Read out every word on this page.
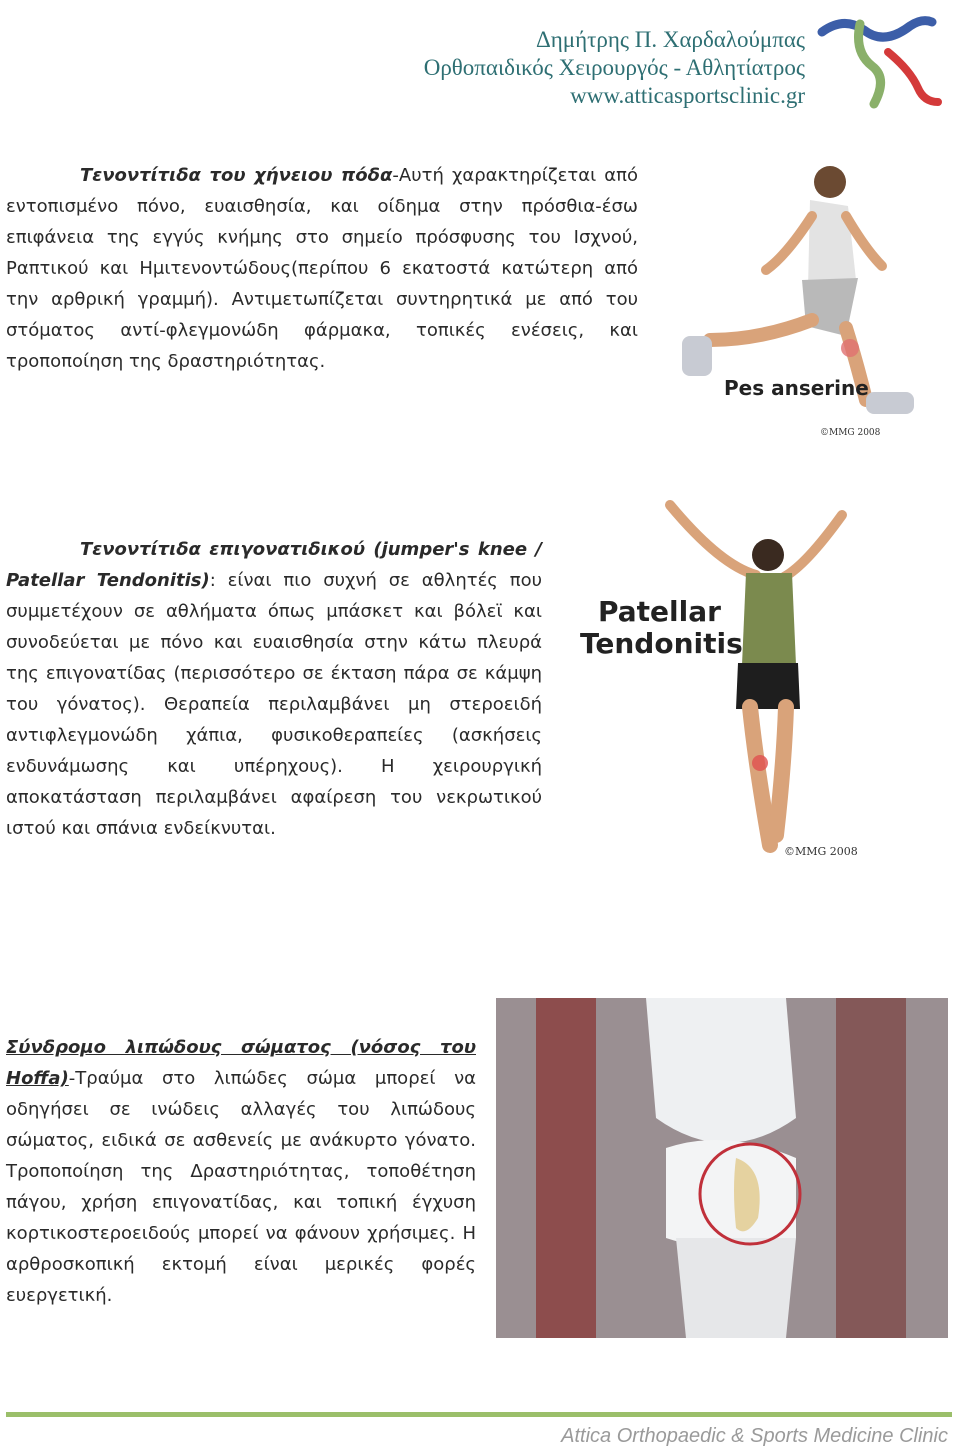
Δημήτρης Π. Χαρδαλούμπας
Ορθοπαιδικός Χειρουργός - Αθλητίατρος
www.atticasportsclinic.gr
Τενοντίτιδα του χήνειου πόδα-Αυτή χαρακτηρίζεται από εντοπισμένο πόνο, ευαισθησία, και οίδημα στην πρόσθια-έσω επιφάνεια της εγγύς κνήμης στο σημείο πρόσφυσης του Ισχνού, Ραπτικού και Ημιτενοντώδους(περίπου 6 εκατοστά κατώτερη από την αρθρική γραμμή). Αντιμετωπίζεται συντηρητικά με από του στόματος αντί-φλεγμονώδη φάρμακα, τοπικές ενέσεις, και τροποποίηση της δραστηριότητας.
Pes anserine
©MMG 2008
Τενοντίτιδα επιγονατιδικού (jumper's knee / Patellar Tendonitis): είναι πιο συχνή σε αθλητές που συμμετέχουν σε αθλήματα όπως μπάσκετ και βόλεϊ και συνοδεύεται με πόνο και ευαισθησία στην κάτω πλευρά της επιγονατίδας (περισσότερο σε έκταση πάρα σε κάμψη του γόνατος). Θεραπεία περιλαμβάνει μη στεροειδή αντιφλεγμονώδη χάπια, φυσικοθεραπείες (ασκήσεις ενδυνάμωσης και υπέρηχους). Η χειρουργική αποκατάσταση περιλαμβάνει αφαίρεση του νεκρωτικού ιστού και σπάνια ενδείκνυται.
Patellar
Tendonitis
©MMG 2008
Σύνδρομο λιπώδους σώματος (νόσος του Hoffa)-Τραύμα στο λιπώδες σώμα μπορεί να οδηγήσει σε ινώδεις αλλαγές του λιπώδους σώματος, ειδικά σε ασθενείς με ανάκυρτο γόνατο. Τροποποίηση της Δραστηριότητας, τοποθέτηση πάγου, χρήση επιγονατίδας, και τοπική έγχυση κορτικοστεροειδούς μπορεί να φάνουν χρήσιμες. Η αρθροσκοπική εκτομή είναι μερικές φορές ευεργετική.
Attica Orthopaedic & Sports Medicine Clinic
